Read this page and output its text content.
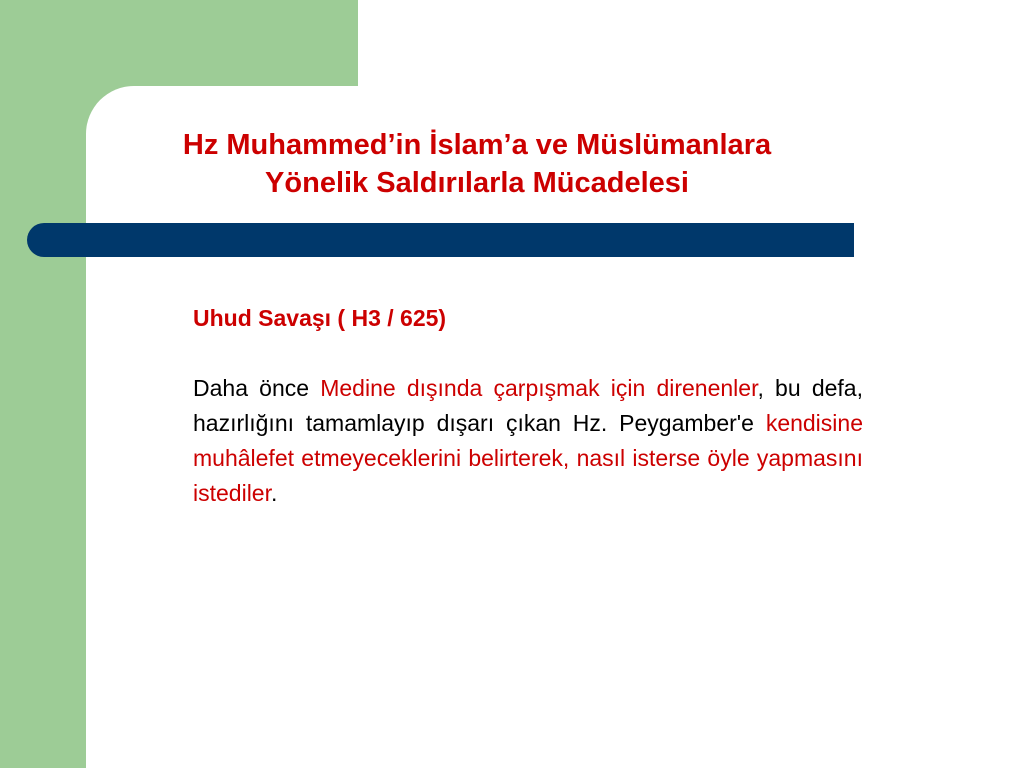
Hz Muhammed’in İslam’a ve Müslümanlara
Yönelik Saldırılarla Mücadelesi
Uhud Savaşı ( H3 / 625)

Daha önce Medine dışında çarpışmak için direnenler, bu defa, hazırlığını tamamlayıp dışarı çıkan Hz. Peygamber'e kendisine muhâlefet etmeyeceklerini belirterek, nasıl isterse öyle yapmasını istediler.
